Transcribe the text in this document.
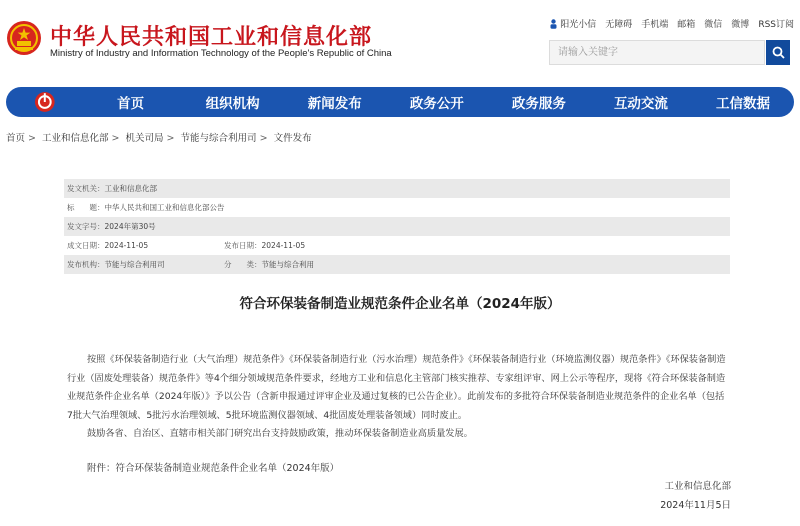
中华人民共和国工业和信息化部
Ministry of Industry and Information Technology of the People's Republic of China
阳光小信 无障碍 手机端 邮箱 微信 微博 RSS订阅
请输入关键字
首页	组织机构	新闻发布	政务公开	政务服务	互动交流	工信数据
首页 > 工业和信息化部 > 机关司局 > 节能与综合利用司 > 文件发布
发文机关： 工业和信息化部
标　　题： 中华人民共和国工业和信息化部公告
发文字号： 2024年第30号
成文日期： 2024-11-05	发布日期： 2024-11-05
发布机构： 节能与综合利用司	分　　类： 节能与综合利用
符合环保装备制造业规范条件企业名单（2024年版）

按照《环保装备制造行业（大气治理）规范条件》《环保装备制造行业（污水治理）规范条件》《环保装备制造行业（环境监测仪器）规范条件》《环保装备制造行业（固废处理装备）规范条件》等4个细分领域规范条件要求，经地方工业和信息化主管部门核实推荐、专家组评审、网上公示等程序，现将《符合环保装备制造业规范条件企业名单（2024年版）》予以公告（含新申报通过评审企业及通过复核的已公告企业）。此前发布的多批符合环保装备制造业规范条件的企业名单（包括7批大气治理领域、5批污水治理领域、5批环境监测仪器领域、4批固废处理装备领域）同时废止。

鼓励各省、自治区、直辖市相关部门研究出台支持鼓励政策，推动环保装备制造业高质量发展。

附件：符合环保装备制造业规范条件企业名单（2024年版）
工业和信息化部
2024年11月5日
